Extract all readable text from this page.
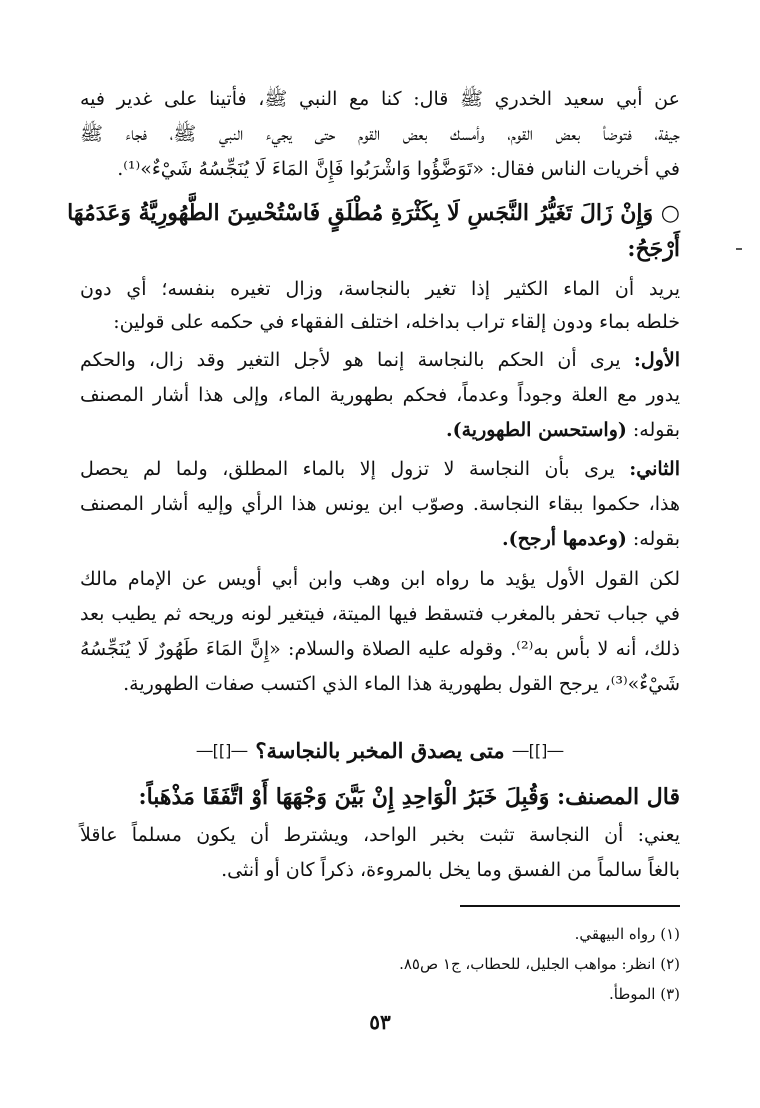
عن أبي سعيد الخدري ﷺ قال: كنا مع النبي ﷺ، فأتينا على غدير فيه
جيفة، فتوضأ بعض القوم، وأمسك بعض القوم حتى يجيء النبي ﷺ، فجاء ﷺ
في أخريات الناس فقال: «تَوَضَّؤُوا وَاشْرَبُوا فَإِنَّ المَاءَ لَا يُنَجِّسُهُ شَيْءٌ»⁽¹⁾.
○ وَإِنْ زَالَ تَغَيُّرُ النَّجَسِ لَا بِكَثْرَةِ مُطْلَقٍ فَاسْتُحْسِنَ الطَّهُورِيَّةُ وَعَدَمُهَا
أَرْجَحُ:
يريد أن الماء الكثير إذا تغير بالنجاسة، وزال تغيره بنفسه؛ أي دون
خلطه بماء ودون إلقاء تراب بداخله، اختلف الفقهاء في حكمه على قولين:
الأول: يرى أن الحكم بالنجاسة إنما هو لأجل التغير وقد زال، والحكم
يدور مع العلة وجوداً وعدماً، فحكم بطهورية الماء، وإلى هذا أشار المصنف
بقوله: (واستحسن الطهورية).
الثاني: يرى بأن النجاسة لا تزول إلا بالماء المطلق، ولما لم يحصل
هذا، حكموا ببقاء النجاسة. وصوّب ابن يونس هذا الرأي وإليه أشار المصنف
بقوله: (وعدمها أرجح).
لكن القول الأول يؤيد ما رواه ابن وهب وابن أبي أويس عن الإمام مالك
في جباب تحفر بالمغرب فتسقط فيها الميتة، فيتغير لونه وريحه ثم يطيب بعد
ذلك، أنه لا بأس به⁽²⁾. وقوله عليه الصلاة والسلام: «إِنَّ المَاءَ طَهُورٌ لَا يُنَجِّسُهُ
شَيْءٌ»⁽³⁾، يرجح القول بطهورية هذا الماء الذي اكتسب صفات الطهورية.
―[]]―
متى يصدق المخبر بالنجاسة؟
―[]]―
قال المصنف: وَقُبِلَ خَبَرُ الْوَاحِدِ إِنْ بَيَّنَ وَجْهَهَا أَوْ اتَّفَقَا مَذْهَباً:
يعني: أن النجاسة تثبت بخبر الواحد، ويشترط أن يكون مسلماً عاقلاً
بالغاً سالماً من الفسق وما يخل بالمروءة، ذكراً كان أو أنثى.
(١) رواه البيهقي.
(٢) انظر: مواهب الجليل، للحطاب، ج١ ص٨٥.
(٣) الموطأ.
٥٣
